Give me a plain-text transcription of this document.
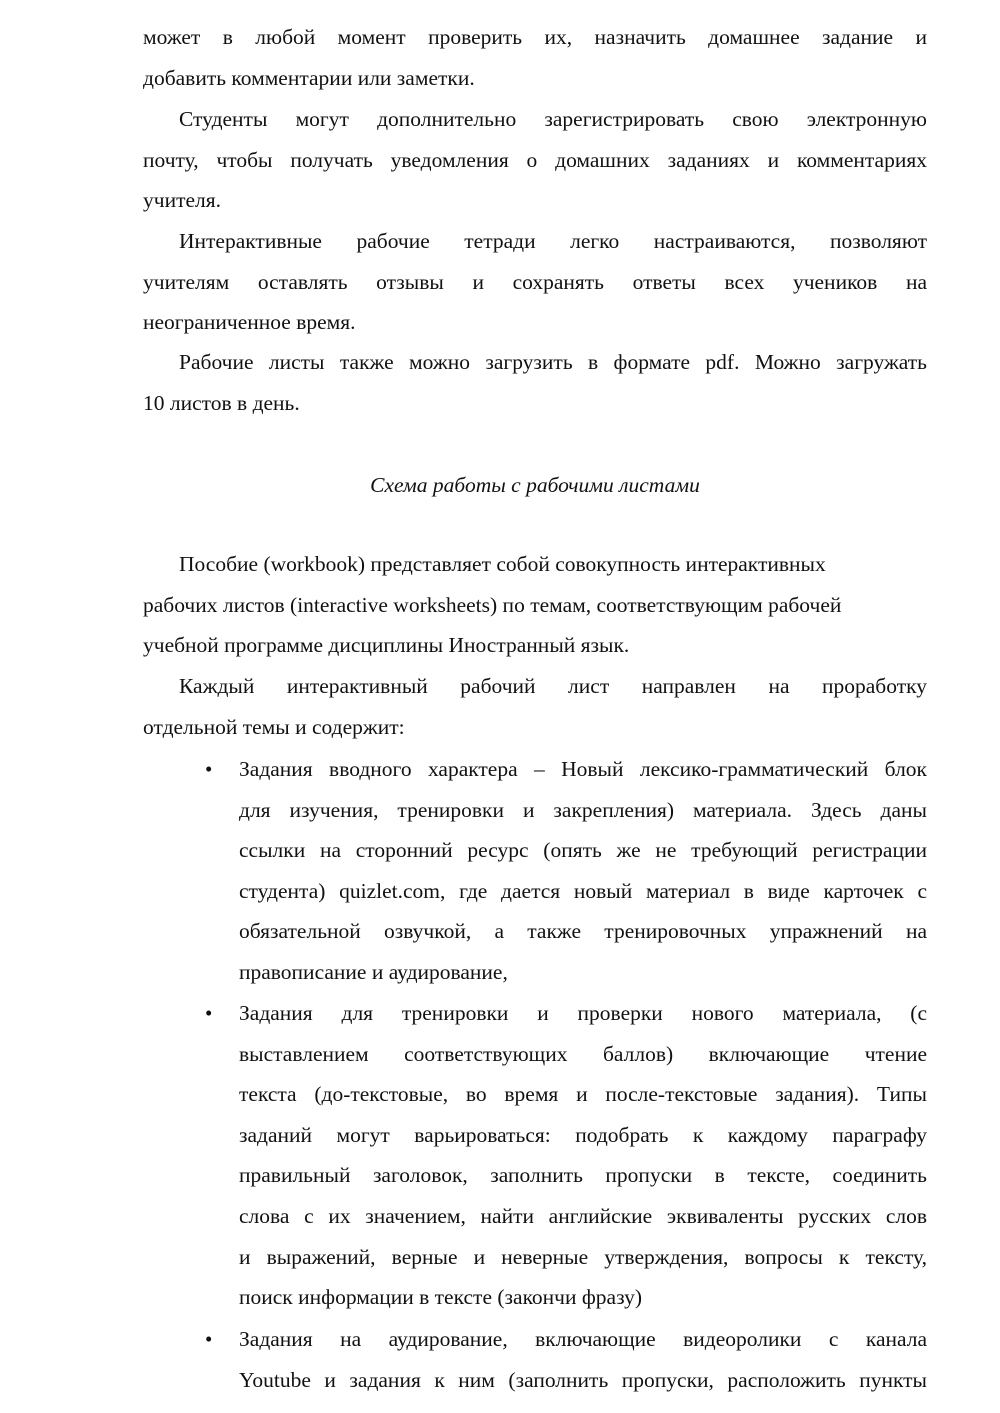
может в любой момент проверить их, назначить домашнее задание и
добавить комментарии или заметки.
Студенты могут дополнительно зарегистрировать свою электронную
почту, чтобы получать уведомления о домашних заданиях и комментариях
учителя.
Интерактивные рабочие тетради легко настраиваются, позволяют
учителям оставлять отзывы и сохранять ответы всех учеников на
неограниченное время.
Рабочие листы также можно загрузить в формате pdf. Можно загружать
10 листов в день.
Схема работы с рабочими листами
Пособие (workbook) представляет собой совокупность интерактивных
рабочих листов (interactive worksheets) по темам, соответствующим рабочей
учебной программе дисциплины Иностранный язык.
Каждый интерактивный рабочий лист направлен на проработку
отдельной темы и содержит:
•	Задания вводного характера – Новый лексико-грамматический блок
для изучения, тренировки и закрепления) материала. Здесь даны
ссылки на сторонний ресурс (опять же не требующий регистрации
студента) quizlet.com, где дается новый материал в виде карточек с
обязательной озвучкой, а также тренировочных упражнений на
правописание и аудирование,
•	Задания для тренировки и проверки нового материала, (с
выставлением соответствующих баллов) включающие чтение
текста (до-текстовые, во время и после-текстовые задания). Типы
заданий могут варьироваться: подобрать к каждому параграфу
правильный заголовок, заполнить пропуски в тексте, соединить
слова с их значением, найти английские эквиваленты русских слов
и выражений, верные и неверные утверждения, вопросы к тексту,
поиск информации в тексте (закончи фразу)
•	Задания на аудирование, включающие видеоролики с канала
Youtube и задания к ним (заполнить пропуски, расположить пункты
